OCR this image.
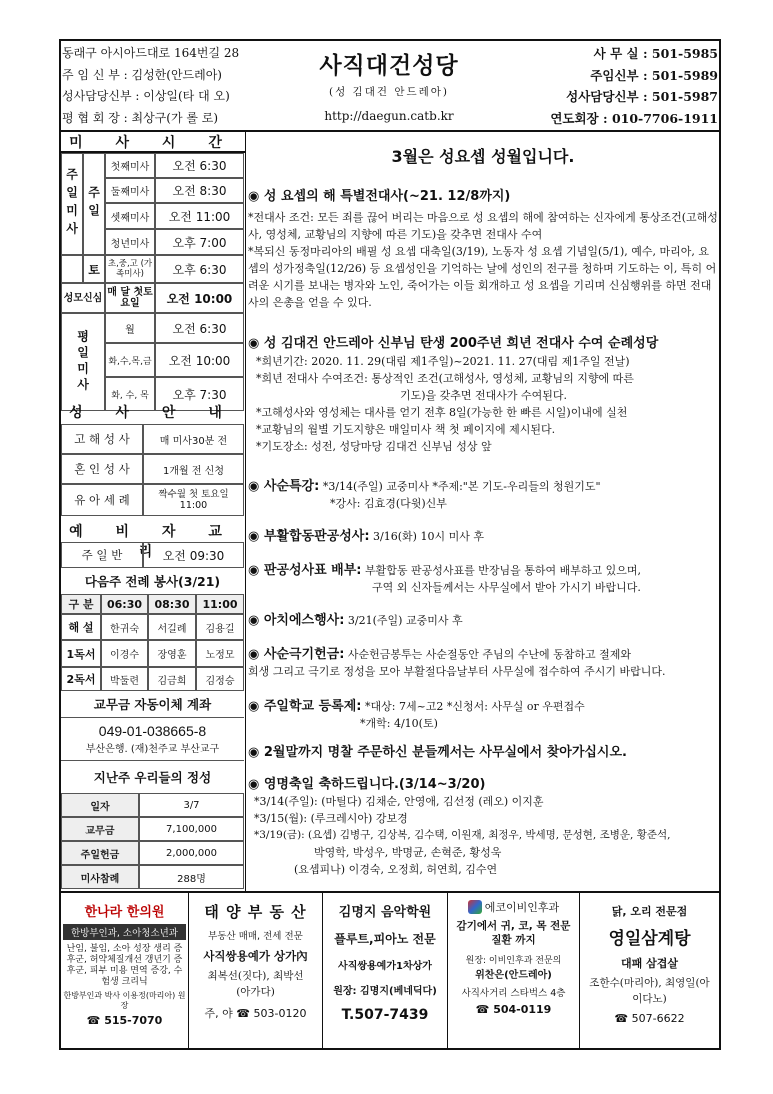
동래구 아시아드대로 164번길 28
주 임 신 부 : 김성한(안드레아)
성사담당신부 : 이상일(타 대 오)
평 협 회 장 : 최상구(가 롤 로)
사직대건성당
(성 김대건 안드레아)
http://daegun.catb.kr
사 무 실 : 501-5985
주임신부 : 501-5989
성사담당신부 : 501-5987
연도회장 : 010-7706-1911
미 사 시 간
주일미사 주일
첫째미사	오전 6:30
둘째미사	오전 8:30
셋째미사	오전 11:00
청년미사	오후 7:00
토 초,중,고 (가족미사)	오후 6:30
성모신심 매 달 첫토요일	오전 10:00
평일미사	월	오전 6:30
화,수,목,금	오전 10:00
화, 수, 목	오후 7:30
성 사 안 내
고 해 성 사	매 미사30분 전
혼 인 성 사	1개월 전 신청
유 아 세 례	짝수월 첫 토요일 11:00
예 비 자 교 리
주 일 반	오전 09:30
다음주 전례 봉사(3/21)
구 분	06:30	08:30	11:00
해 설	한귀숙	서길례	김용길
1독서	이경수	장영훈	노정모
2독서	박둘련	김금희	김정승
교무금 자동이체 계좌
049-01-038665-8
부산은행. (재)천주교 부산교구
지난주 우리들의 정성
일자	3/7
교무금	7,100,000
주일헌금	2,000,000
미사참례	288명
3월은 성요셉 성월입니다.
◉ 성 요셉의 해 특별전대사(~21. 12/8까지)
*전대사 조건: 모든 죄를 끊어 버리는 마음으로 성 요셉의 해에 참여하는 신자에게 통상조건(고해성사, 영성체, 교황님의 지향에 따른 기도)을 갖추면 전대사 수여
*복되신 동정마리아의 배필 성 요셉 대축일(3/19), 노동자 성 요셉 기념일(5/1), 예수, 마리아, 요셉의 성가정축일(12/26) 등 요셉성인을 기억하는 날에 성인의 전구를 청하며 기도하는 이, 특히 어려운 시기를 보내는 병자와 노인, 죽어가는 이들 회개하고 성 요셉을 기리며 신심행위를 하면 전대사의 은총을 얻을 수 있다.
◉ 성 김대건 안드레아 신부님 탄생 200주년 희년 전대사 수여 순례성당
*희년기간: 2020. 11. 29(대림 제1주일)~2021. 11. 27(대림 제1주일 전날)
*희년 전대사 수여조건: 통상적인 조건(고해성사, 영성체, 교황님의 지향에 따른
기도)을 갖추면 전대사가 수여된다.
*고해성사와 영성체는 대사를 얻기 전후 8일(가능한 한 빠른 시일)이내에 실천
*교황님의 월별 기도지향은 매일미사 책 첫 페이지에 제시된다.
*기도장소: 성전, 성당마당 김대건 신부님 성상 앞
◉ 사순특강: *3/14(주일) 교중미사 *주제:"본 기도-우리들의 청원기도"
*강사: 김효경(다윗)신부
◉ 부활합동판공성사: 3/16(화) 10시 미사 후
◉ 판공성사표 배부: 부활합동 판공성사표를 반장님을 통하여 배부하고 있으며,
구역 외 신자들께서는 사무실에서 받아 가시기 바랍니다.
◉ 아치에스행사: 3/21(주일) 교중미사 후
◉ 사순극기헌금: 사순헌금봉투는 사순절동안 주님의 수난에 동참하고 절제와
희생 그리고 극기로 정성을 모아 부활절다음날부터 사무실에 접수하여 주시기 바랍니다.
◉ 주일학교 등록제: *대상: 7세~고2 *신청서: 사무실 or 우편접수
*개학: 4/10(토)
◉ 2월말까지 명찰 주문하신 분들께서는 사무실에서 찾아가십시오.
◉ 영명축일 축하드립니다.(3/14~3/20)
*3/14(주일): (마틸다) 김채순, 안영애, 김선정 (레오) 이지훈
*3/15(월): (루크레시아) 강보경
*3/19(금): (요셉) 김병구, 김상복, 김수택, 이원재, 최정우, 박세명, 문성현, 조병운, 황준석,
박영학, 박성우, 박명균, 손혁준, 황성욱
(요셉피나) 이경숙, 오정희, 허연희, 김수연
한나라 한의원
한방부인과, 소아청소년과
난임, 불임, 소아 성장 생리 증후군, 허약체질개선 갱년기 증후군, 피부 미용 면역 증강, 수험생 크리닉
한방부인과 박사 이용정(마리아) 원장
☎ 515-7070
태 양 부 동 산
부동산 매매, 전세 전문
사직쌍용예가 상가內
최복선(짓다), 최박선(아가다)
주, 야 ☎ 503-0120
김명지 음악학원
플루트,피아노 전문
사직쌍용예가1차상가
원장: 김명지(베네딕다)
T.507-7439
에코이비인후과
감기에서 귀, 코, 목 전문 질환 까지
원장: 이비인후과 전문의
위찬은(안드레아)
사직사거리 스타벅스 4층
☎ 504-0119
닭, 오리 전문점
영일삼계탕
대패 삼겹살
조한수(마리아), 최영일(아이다노)
☎ 507-6622
